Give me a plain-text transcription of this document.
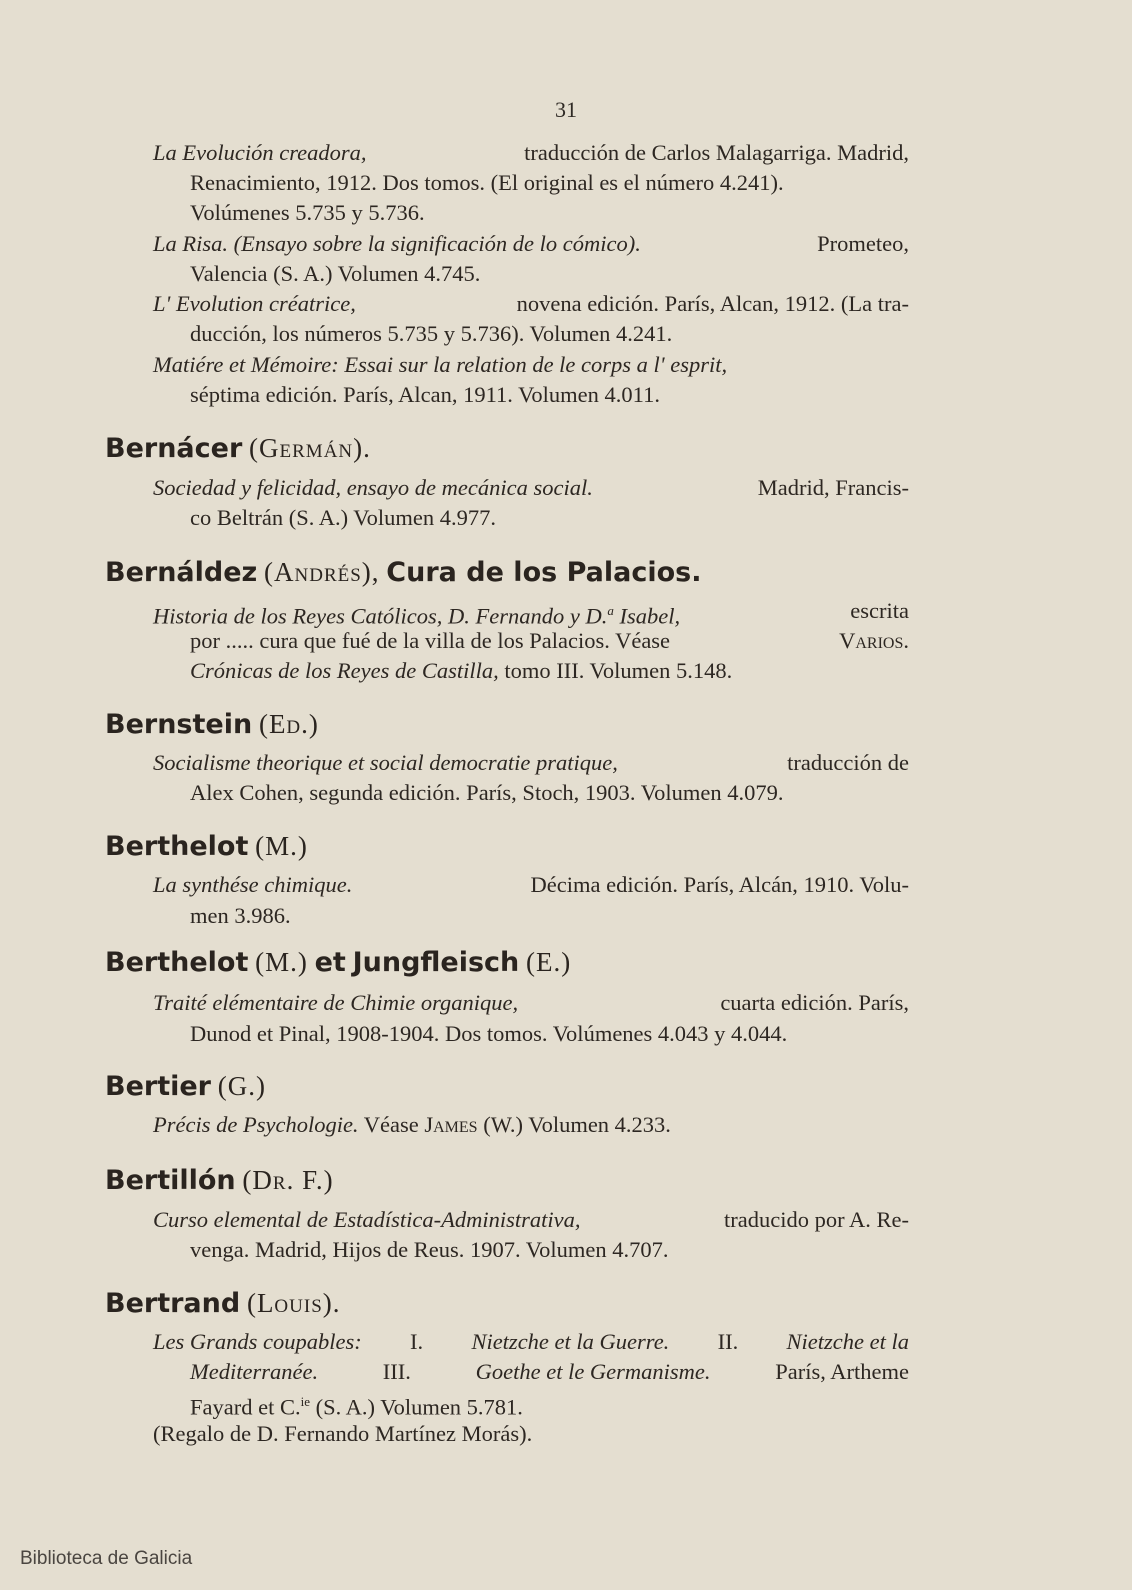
31
La Evolución creadora,	traducción de Carlos Malagarriga. Madrid,
Renacimiento, 1912. Dos tomos. (El original es el número 4.241).
Volúmenes 5.735 y 5.736.
La Risa. (Ensayo sobre la significación de lo cómico).	Prometeo,
Valencia (S. A.) Volumen 4.745.
L' Evolution créatrice,	novena edición. París, Alcan, 1912. (La tra-
ducción, los números 5.735 y 5.736). Volumen 4.241.
Matiére et Mémoire: Essai sur la relation de le corps a l' esprit,
séptima edición. París, Alcan, 1911. Volumen 4.011.
Bernácer (Germán).
Sociedad y felicidad, ensayo de mecánica social.	Madrid, Francis-
co Beltrán (S. A.) Volumen 4.977.
Bernáldez (Andrés), Cura de los Palacios.
Historia de los Reyes Católicos, D. Fernando y D.$^a$ Isabel,	escrita
por ..... cura que fué de la villa de los Palacios. Véase	Varios.
Crónicas de los Reyes de Castilla, tomo III. Volumen 5.148.
Bernstein (Ed.)
Socialisme theorique et social democratie pratique,	traducción de
Alex Cohen, segunda edición. París, Stoch, 1903. Volumen 4.079.
Berthelot (M.)
La synthése chimique.	Décima edición. París, Alcán, 1910. Volu-
men 3.986.
Berthelot (M.) et Jungfleisch (E.)
Traité elémentaire de Chimie organique,	cuarta edición. París,
Dunod et Pinal, 1908-1904. Dos tomos. Volúmenes 4.043 y 4.044.
Bertier (G.)
Précis de Psychologie. Véase James (W.) Volumen 4.233.
Bertillón (Dr. F.)
Curso elemental de Estadística-Administrativa,	traducido por A. Re-
venga. Madrid, Hijos de Reus. 1907. Volumen 4.707.
Bertrand (Louis).
Les Grands coupables: I. Nietzche et la Guerre. II. Nietzche et la
Mediterranée.	III.	Goethe et le Germanisme.	París, Artheme
Fayard et C.$^{ie}$ (S. A.) Volumen 5.781.
(Regalo de D. Fernando Martínez Morás).
Biblioteca de Galicia
